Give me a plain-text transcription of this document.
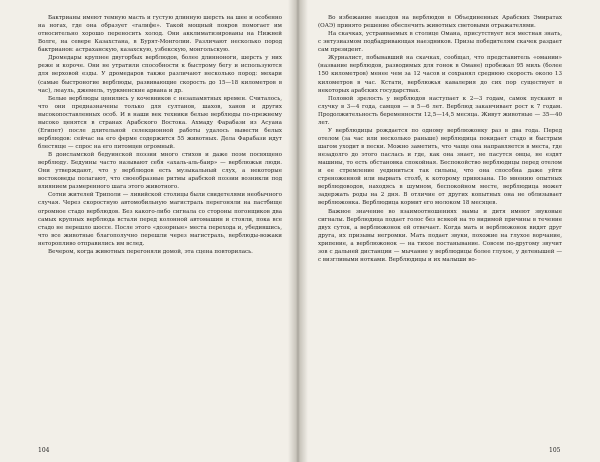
Бактрианы имеют темную масть и густую длинную шерсть на шее и особенно на ногах, где она образует «галифе». Такой мощный покров помогает им относительно хорошо переносить холод. Они акклиматизированы на Нижней Волге, на севере Казахстана, в Бурят-Монголии. Различают несколько пород бактрианов: астраханскую, казахскую, узбекскую, монгольскую.

Дромедары крупнее двугорбых верблюдов, более длинноноги, шерсть у них реже и короче. Они не утратили способности к быстрому бегу и используются для верховой езды. У дромедаров также различают несколько пород: мехари (самые быстроногие верблюды, развивающие скорость до 15—18 километров в час), леауль, джемель, туркменские арвана и др.

Белые верблюды ценились у кочевников с незапамятных времен. Считалось, что они предназначены только для султанов, шахов, ханов и других высокопоставленных особ. И в наши век техники белые верблюды по-прежнему высоко ценятся в странах Арабского Востока. Ахмаду Фарабази из Асуана (Египет) после длительной селекционной работы удалось вывести белых верблюдов: сейчас на его ферме содержится 55 животных. Дела Фарабази идут блестяще — спрос на его питомцев огромный.

В доисламской бедуинской поэзии много стихов и даже поэм посвящено верблюду. Бедуины часто называют себя «ахаль-аль-баир» — верблюжьи люди. Они утверждают, что у верблюдов есть музыкальный слух, а некоторые востоковеды полагают, что своеобразные ритмы арабской поэзии возникли под влиянием размеренного шага этого животного.

Сотни жителей Триполи — ливийской столицы были свидетелями необычного случая. Через скоростную автомобильную магистраль перегоняли на пастбище огромное стадо верблюдов. Без какого-либо сигнала со стороны погонщиков два самых крупных верблюда встали перед колонной автомашин и стояли, пока все стадо не перешло шоссе. После этого «дозорные» места перехода и, убедившись, что все животные благополучно перешли через магистраль, верблюды-вожаки неторопливо отправились им вслед.

Вечером, когда животных перегоняли домой, эта сцена повторилась.

Во избежание наездов на верблюдов в Объединенных Арабских Эмиратах (ОАЭ) принято решение обеспечить животных световыми отражателями.

На скачках, устраиваемых в столице Омана, присутствует вся местная знать, с энтузиазмом подбадривающая наездников. Призы победителям скачек раздает сам президент.

Журналист, побывавший на скачках, сообщал, что представитель «омании» (название верблюдов, разводимых для гонок в Омане) пробежал 95 миль (более 150 километров) менее чем за 12 часов и сохранял среднюю скорость около 13 километров в час. Кстати, верблюжья кавалерия до сих пор существует в некоторых арабских государствах.

Половой зрелость у верблюдов наступает к 2—3 годам, самок пускают в случку в 3—4 года, самцов — в 5—6 лет. Верблюд заканчивает рост к 7 годам. Продолжительность беременности 12,5—14,5 месяца. Живут животные — 35—40 лет.

У верблюдицы рождается по одному верблюжонку раз в два года. Перед отелом (за час или несколько раньше) верблюдица покидает стадо и быстрым шагом уходит в пески. Можно заметить, что чаще она направляется в места, где незадолго до этого паслась и где, как она знает, не пасутся овцы, не ездят машины, то есть обстановка спокойная. Беспокойство верблюдицы перед отелом и ее стремление уединиться так сильны, что она способна даже уйти стреноженной или вырвать столб, к которому привязана. По мнению опытных верблюдоводов, находясь в шумном, беспокойном месте, верблюдица может задержать роды на 2 дня. В отличие от других копытных она не облизывает верблюжонка. Верблюдица кормит его молоком 18 месяцев.

Важное значение во взаимоотношениях мамы и дитя имеют звуковые сигналы. Верблюдица подает голос без всякой на то видимой причины в течение двух суток, а верблюжонок ей отвечает. Когда мать и верблюжонок видят друг друга, их призывы негромки. Мать подает звуки, похожие на глухое ворчание, хрипение, а верблюжонок — на тихое постанывание. Совсем по-другому звучит зов с дальней дистанции — мычание у верблюдицы более глухое, у детенышей — с визгливыми нотками. Верблюдицы и их малыши во-

104	105
